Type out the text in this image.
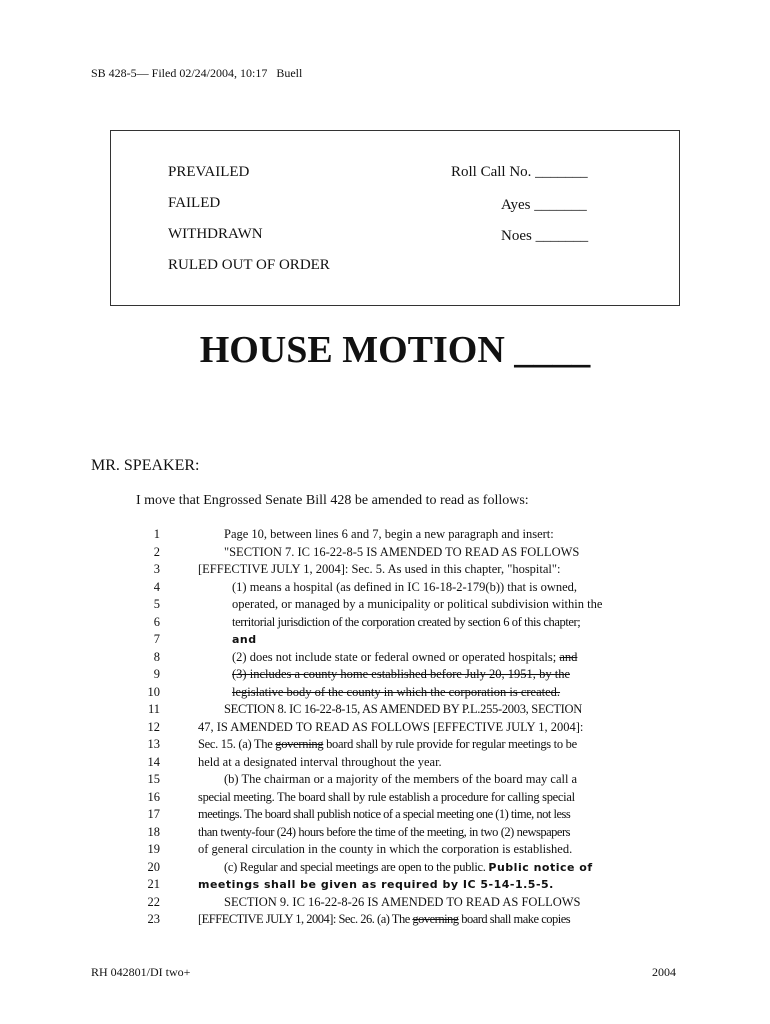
SB 428-5— Filed 02/24/2004, 10:17   Buell
PREVAILED
FAILED
WITHDRAWN
RULED OUT OF ORDER
Roll Call No. _______
Ayes _______
Noes _______
HOUSE MOTION ____
MR. SPEAKER:
I move that Engrossed Senate Bill 428 be amended to read as follows:
1	Page 10, between lines 6 and 7, begin a new paragraph and insert:
2	"SECTION 7. IC 16-22-8-5 IS AMENDED TO READ AS FOLLOWS
3	[EFFECTIVE JULY 1, 2004]: Sec. 5. As used in this chapter, "hospital":
4	(1) means a hospital (as defined in IC 16-18-2-179(b)) that is owned,
5	operated, or managed by a municipality or political subdivision within the
6	territorial jurisdiction of the corporation created by section 6 of this chapter;
7	and
8	(2) does not include state or federal owned or operated hospitals; and
9	(3) includes a county home established before July 20, 1951, by the
10	legislative body of the county in which the corporation is created.
11	SECTION 8. IC 16-22-8-15, AS AMENDED BY P.L.255-2003, SECTION
12	47, IS AMENDED TO READ AS FOLLOWS [EFFECTIVE JULY 1, 2004]:
13	Sec. 15. (a) The governing board shall by rule provide for regular meetings to be
14	held at a designated interval throughout the year.
15	(b) The chairman or a majority of the members of the board may call a
16	special meeting. The board shall by rule establish a procedure for calling special
17	meetings. The board shall publish notice of a special meeting one (1) time, not less
18	than twenty-four (24) hours before the time of the meeting, in two (2) newspapers
19	of general circulation in the county in which the corporation is established.
20	(c) Regular and special meetings are open to the public. Public notice of
21	meetings shall be given as required by IC 5-14-1.5-5.
22	SECTION 9. IC 16-22-8-26 IS AMENDED TO READ AS FOLLOWS
23	[EFFECTIVE JULY 1, 2004]: Sec. 26. (a) The governing board shall make copies
RH 042801/DI two+	2004
